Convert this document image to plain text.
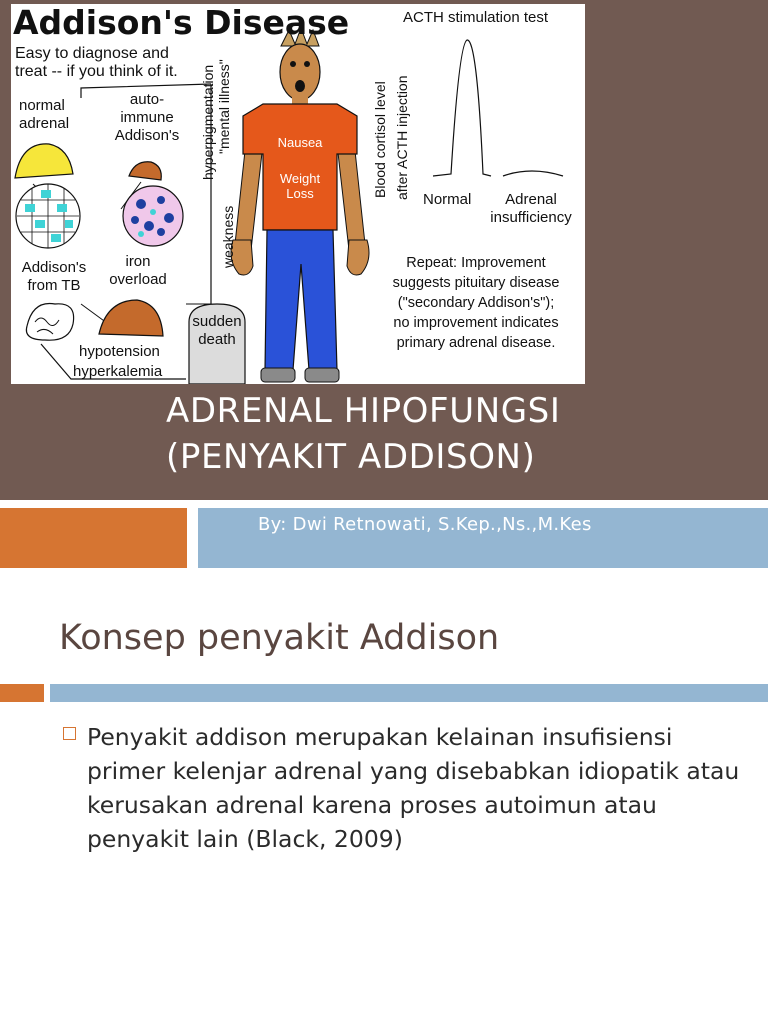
Addison's Disease
Easy to diagnose and
treat -- if you think of it.
normal
adrenal
auto-
immune
Addison's
Addison's
from TB
iron
overload
hypotension
hyperkalemia
sudden
death
weakness
hyperpigmentation "mental illness"	Nausea
Weight
Loss
ACTH stimulation test
Blood cortisol level after ACTH injection Normal	Adrenal
insufficiency
Repeat: Improvement
suggests pituitary disease
("secondary Addison's");
no improvement indicates
primary adrenal disease.
ADRENAL HIPOFUNGSI
(PENYAKIT ADDISON)
By: Dwi Retnowati, S.Kep.,Ns.,M.Kes
Konsep penyakit Addison
Penyakit addison merupakan kelainan insufisiensi primer kelenjar adrenal yang disebabkan idiopatik atau kerusakan adrenal karena proses autoimun atau penyakit lain (Black, 2009)
